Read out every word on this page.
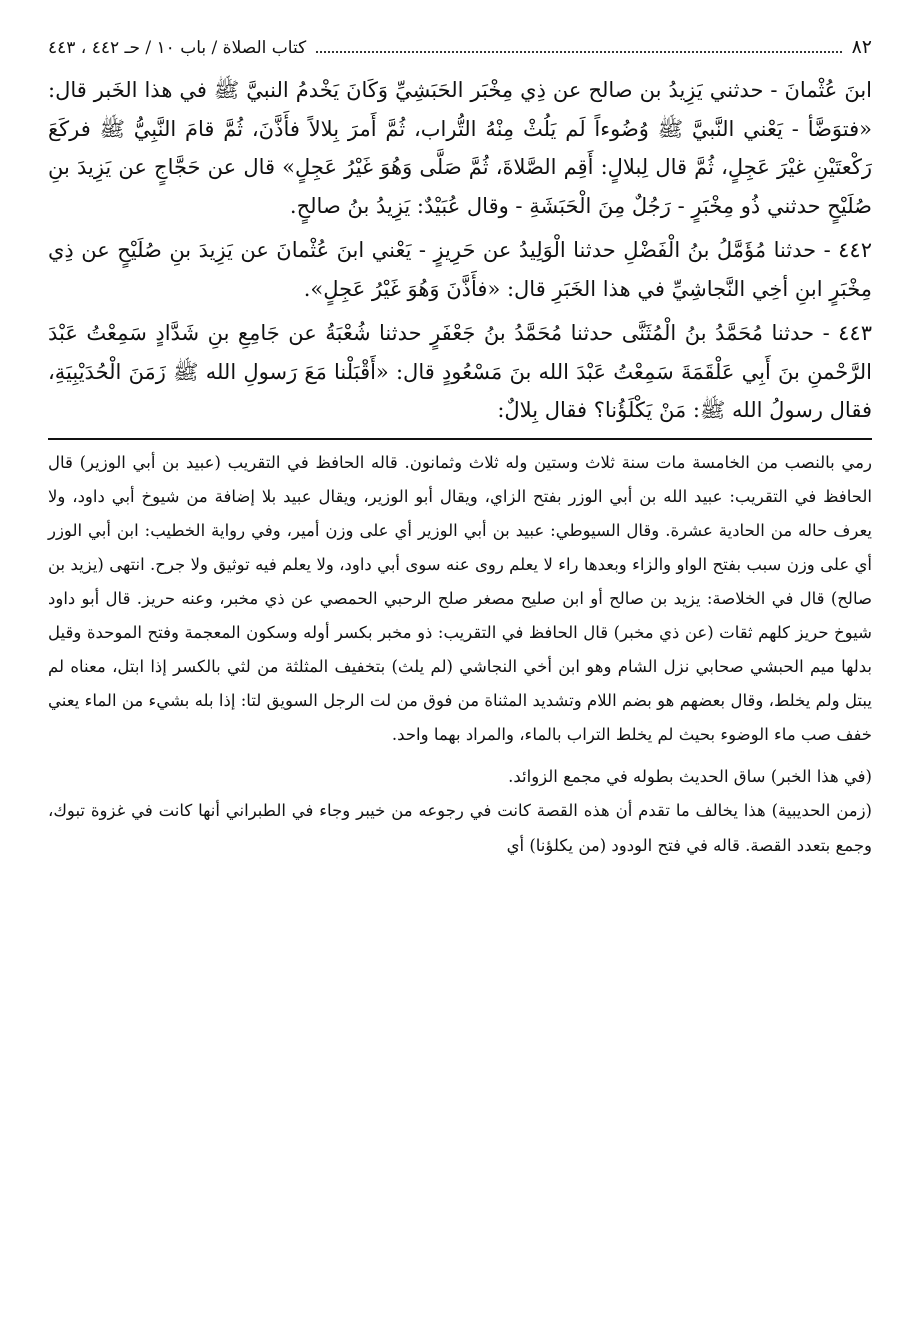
٨٢
كتاب الصلاة / باب ١٠ / حـ ٤٤٢ ، ٤٤٣

ابنَ عُثْمانَ - حدثني يَزِيدُ بن صالح عن ذِي مِخْبَر الحَبَشِيِّ وَكَانَ يَخْدمُ النبيَّ ﷺ في هذا الخَبر قال: «فتوَضَّأ - يَعْني النَّبيَّ ﷺ وُضُوءاً لَم يَلُثْ مِنْهُ التُّراب، ثُمَّ أَمرَ بِلالاً فأَذَّنَ، ثُمَّ قامَ النَّبِيُّ ﷺ فركَعَ رَكْعتَيْنِ غيْرَ عَجِلٍ، ثُمَّ قال لِبلالٍ: أَقِم الصَّلاةَ، ثُمَّ صَلَّى وَهُوَ غَيْرُ عَجِلٍ» قال عن حَجَّاجٍ عن يَزِيدَ بنِ صُلَيْحٍ حدثني ذُو مِخْبَرٍ - رَجُلٌ مِنَ الْحَبَشَةِ - وقال عُبَيْدٌ: يَزِيدُ بنُ صالحٍ.

٤٤٢ - حدثنا مُؤَمَّلُ بنُ الْفَضْلِ حدثنا الْوَلِيدُ عن حَرِيزٍ - يَعْني ابنَ عُثْمانَ عن يَزِيدَ بنِ صُلَيْحٍ عن ذِي مِخْبَرٍ ابنِ أخِي النَّجاشِيِّ في هذا الخَبَرِ قال: «فأَذَّنَ وَهُوَ غَيْرُ عَجِلٍ».

٤٤٣ - حدثنا مُحَمَّدُ بنُ الْمُثَنَّى حدثنا مُحَمَّدُ بنُ جَعْفَرٍ حدثنا شُعْبَةُ عن جَامِعِ بنِ شَدَّادٍ سَمِعْتُ عَبْدَ الرَّحْمنِ بنَ أَبِي عَلْقَمَةَ سَمِعْتُ عَبْدَ الله بنَ مَسْعُودٍ قال: «أَقْبَلْنا مَعَ رَسولِ الله ﷺ زَمَنَ الْحُدَيْبِيَةِ، فقال رسولُ الله ﷺ: مَنْ يَكْلَؤُنا؟ فقال بِلالٌ:

رمي بالنصب من الخامسة مات سنة ثلاث وستين وله ثلاث وثمانون. قاله الحافظ في التقريب (عبيد بن أبي الوزير) قال الحافظ في التقريب: عبيد الله بن أبي الوزر بفتح الزاي، ويقال أبو الوزير، ويقال عبيد بلا إضافة من شيوخ أبي داود، ولا يعرف حاله من الحادية عشرة. وقال السيوطي: عبيد بن أبي الوزير أي على وزن أمير، وفي رواية الخطيب: ابن أبي الوزر أي على وزن سبب بفتح الواو والزاء وبعدها راء لا يعلم روى عنه سوى أبي داود، ولا يعلم فيه توثيق ولا جرح. انتهى (يزيد بن صالح) قال في الخلاصة: يزيد بن صالح أو ابن صليح مصغر صلح الرحبي الحمصي عن ذي مخبر، وعنه حريز. قال أبو داود شيوخ حريز كلهم ثقات (عن ذي مخبر) قال الحافظ في التقريب: ذو مخبر بكسر أوله وسكون المعجمة وفتح الموحدة وقيل بدلها ميم الحبشي صحابي نزل الشام وهو ابن أخي النجاشي (لم يلث) بتخفيف المثلثة من لثي بالكسر إذا ابتل، معناه لم يبتل ولم يخلط، وقال بعضهم هو بضم اللام وتشديد المثناة من فوق من لت الرجل السويق لتا: إذا بله بشيء من الماء يعني خفف صب ماء الوضوء بحيث لم يخلط التراب بالماء، والمراد بهما واحد.

(في هذا الخبر) ساق الحديث بطوله في مجمع الزوائد.

(زمن الحديبية) هذا يخالف ما تقدم أن هذه القصة كانت في رجوعه من خيبر وجاء في الطبراني أنها كانت في غزوة تبوك، وجمع بتعدد القصة. قاله في فتح الودود (من يكلؤنا) أي
